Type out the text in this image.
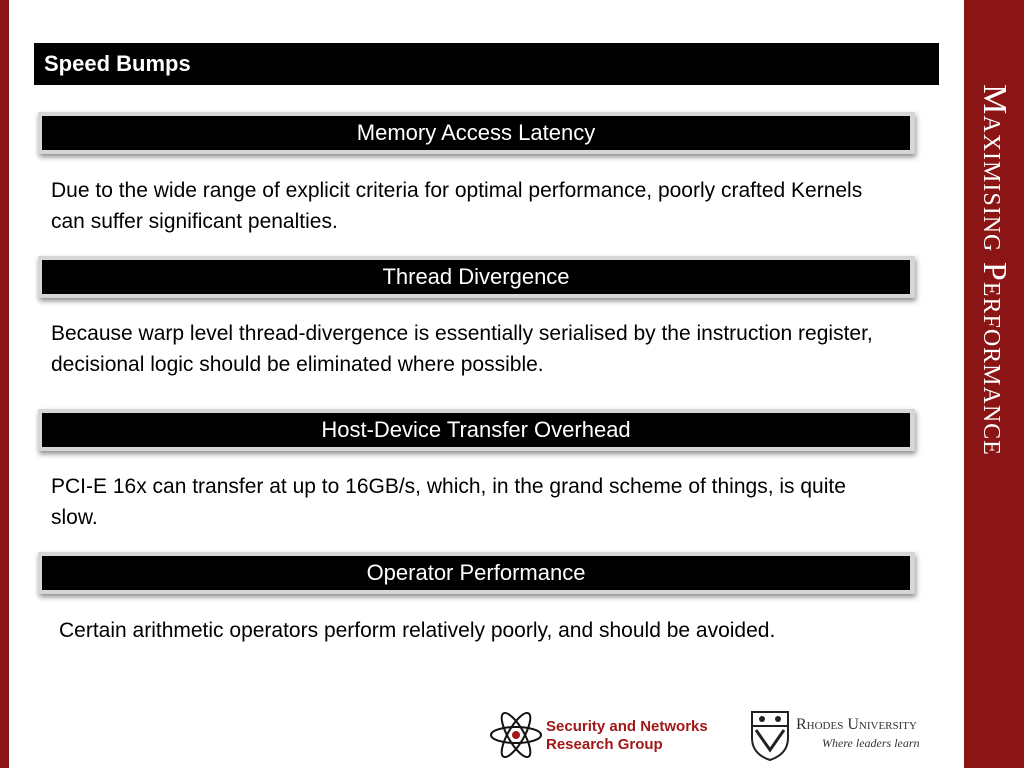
Maximising Performance
Speed Bumps
Memory Access Latency

Due to the wide range of explicit criteria for optimal performance, poorly crafted Kernels can suffer significant penalties.

Thread Divergence

Because warp level thread-divergence is essentially serialised by the instruction register, decisional logic should be eliminated where possible.

Host-Device Transfer Overhead

PCI-E 16x can transfer at up to 16GB/s, which, in the grand scheme of things, is quite slow.

Operator Performance

Certain arithmetic operators perform relatively poorly, and should be avoided.

Security and Networks
Research Group
Rhodes University
Where leaders learn
